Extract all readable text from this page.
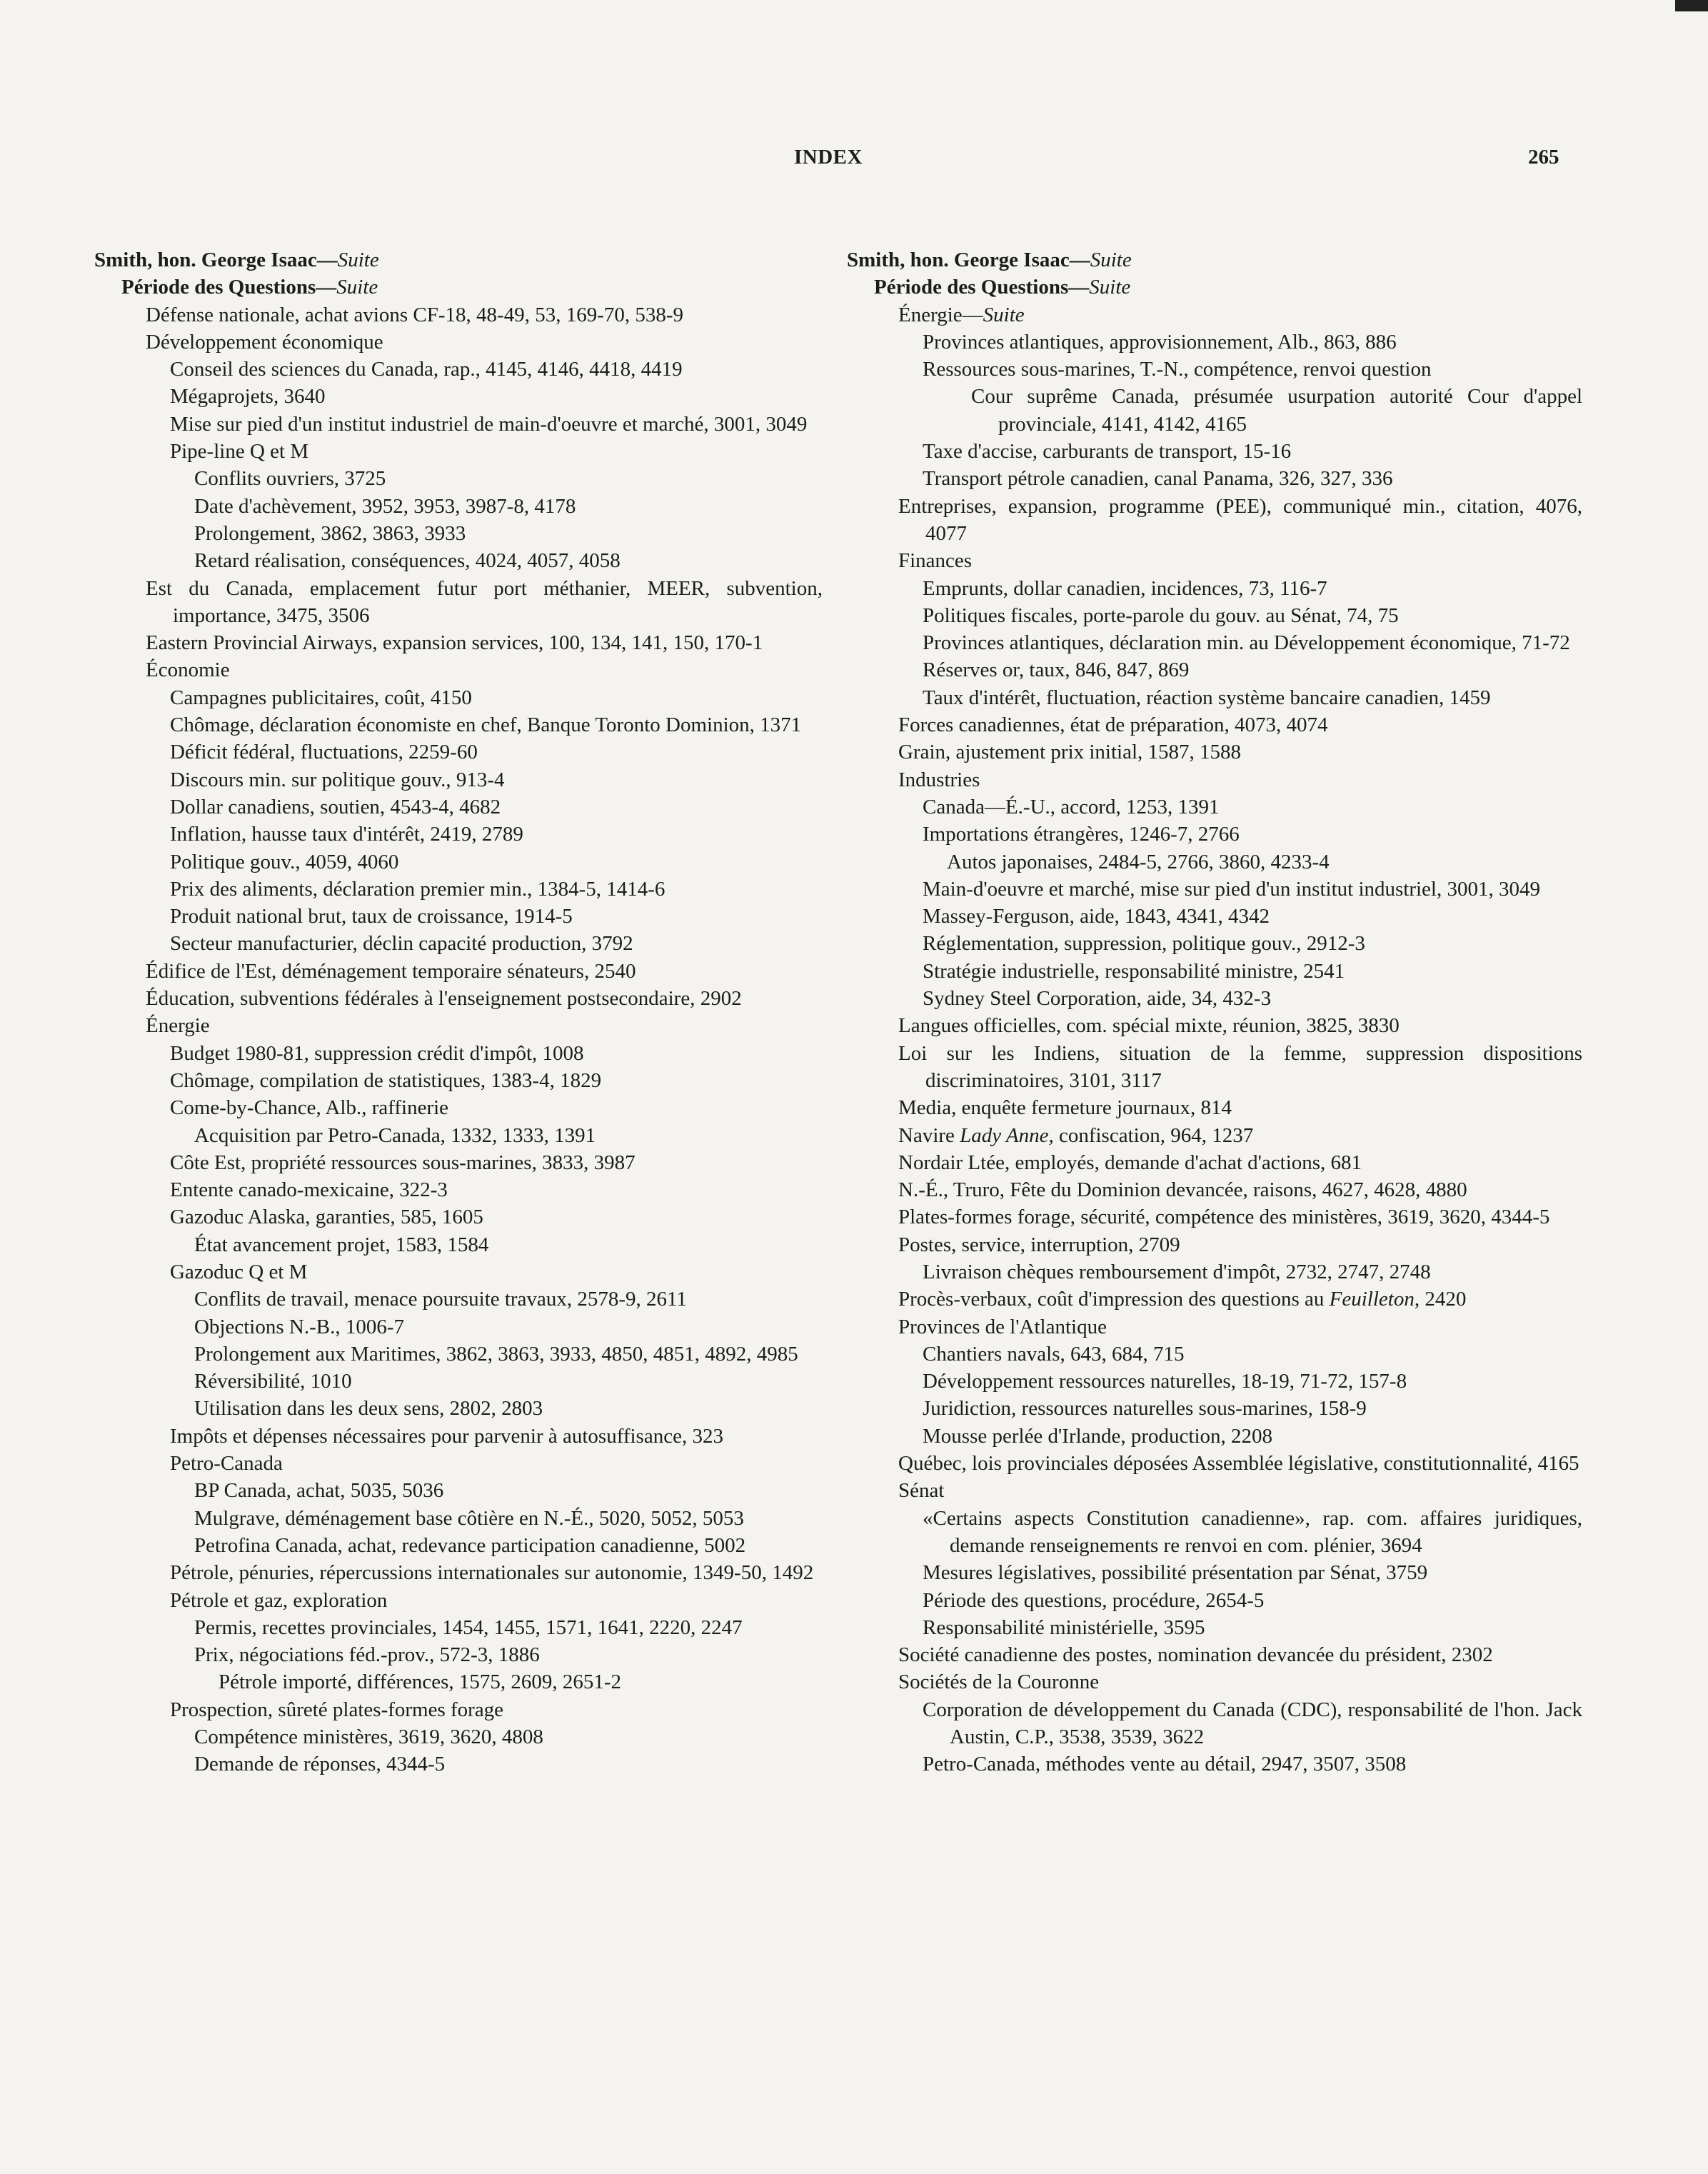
INDEX	265
Smith, hon. George Isaac—Suite
Période des Questions—Suite
Défense nationale, achat avions CF-18, 48-49, 53, 169-70, 538-9
Développement économique
Conseil des sciences du Canada, rap., 4145, 4146, 4418, 4419
Mégaprojets, 3640
Mise sur pied d'un institut industriel de main-d'oeuvre et marché, 3001, 3049
Pipe-line Q et M
Conflits ouvriers, 3725
Date d'achèvement, 3952, 3953, 3987-8, 4178
Prolongement, 3862, 3863, 3933
Retard réalisation, conséquences, 4024, 4057, 4058
Est du Canada, emplacement futur port méthanier, MEER, subvention, importance, 3475, 3506
Eastern Provincial Airways, expansion services, 100, 134, 141, 150, 170-1
Économie
Campagnes publicitaires, coût, 4150
Chômage, déclaration économiste en chef, Banque Toronto Dominion, 1371
Déficit fédéral, fluctuations, 2259-60
Discours min. sur politique gouv., 913-4
Dollar canadiens, soutien, 4543-4, 4682
Inflation, hausse taux d'intérêt, 2419, 2789
Politique gouv., 4059, 4060
Prix des aliments, déclaration premier min., 1384-5, 1414-6
Produit national brut, taux de croissance, 1914-5
Secteur manufacturier, déclin capacité production, 3792
Édifice de l'Est, déménagement temporaire sénateurs, 2540
Éducation, subventions fédérales à l'enseignement postsecondaire, 2902
Énergie
Budget 1980-81, suppression crédit d'impôt, 1008
Chômage, compilation de statistiques, 1383-4, 1829
Come-by-Chance, Alb., raffinerie
Acquisition par Petro-Canada, 1332, 1333, 1391
Côte Est, propriété ressources sous-marines, 3833, 3987
Entente canado-mexicaine, 322-3
Gazoduc Alaska, garanties, 585, 1605
État avancement projet, 1583, 1584
Gazoduc Q et M
Conflits de travail, menace poursuite travaux, 2578-9, 2611
Objections N.-B., 1006-7
Prolongement aux Maritimes, 3862, 3863, 3933, 4850, 4851, 4892, 4985
Réversibilité, 1010
Utilisation dans les deux sens, 2802, 2803
Impôts et dépenses nécessaires pour parvenir à autosuffisance, 323
Petro-Canada
BP Canada, achat, 5035, 5036
Mulgrave, déménagement base côtière en N.-É., 5020, 5052, 5053
Petrofina Canada, achat, redevance participation canadienne, 5002
Pétrole, pénuries, répercussions internationales sur autonomie, 1349-50, 1492
Pétrole et gaz, exploration
Permis, recettes provinciales, 1454, 1455, 1571, 1641, 2220, 2247
Prix, négociations féd.-prov., 572-3, 1886
Pétrole importé, différences, 1575, 2609, 2651-2
Prospection, sûreté plates-formes forage
Compétence ministères, 3619, 3620, 4808
Demande de réponses, 4344-5
Smith, hon. George Isaac—Suite
Période des Questions—Suite
Énergie—Suite
Provinces atlantiques, approvisionnement, Alb., 863, 886
Ressources sous-marines, T.-N., compétence, renvoi question
Cour suprême Canada, présumée usurpation autorité Cour d'appel provinciale, 4141, 4142, 4165
Taxe d'accise, carburants de transport, 15-16
Transport pétrole canadien, canal Panama, 326, 327, 336
Entreprises, expansion, programme (PEE), communiqué min., citation, 4076, 4077
Finances
Emprunts, dollar canadien, incidences, 73, 116-7
Politiques fiscales, porte-parole du gouv. au Sénat, 74, 75
Provinces atlantiques, déclaration min. au Développement économique, 71-72
Réserves or, taux, 846, 847, 869
Taux d'intérêt, fluctuation, réaction système bancaire canadien, 1459
Forces canadiennes, état de préparation, 4073, 4074
Grain, ajustement prix initial, 1587, 1588
Industries
Canada—É.-U., accord, 1253, 1391
Importations étrangères, 1246-7, 2766
Autos japonaises, 2484-5, 2766, 3860, 4233-4
Main-d'oeuvre et marché, mise sur pied d'un institut industriel, 3001, 3049
Massey-Ferguson, aide, 1843, 4341, 4342
Réglementation, suppression, politique gouv., 2912-3
Stratégie industrielle, responsabilité ministre, 2541
Sydney Steel Corporation, aide, 34, 432-3
Langues officielles, com. spécial mixte, réunion, 3825, 3830
Loi sur les Indiens, situation de la femme, suppression dispositions discriminatoires, 3101, 3117
Media, enquête fermeture journaux, 814
Navire Lady Anne, confiscation, 964, 1237
Nordair Ltée, employés, demande d'achat d'actions, 681
N.-É., Truro, Fête du Dominion devancée, raisons, 4627, 4628, 4880
Plates-formes forage, sécurité, compétence des ministères, 3619, 3620, 4344-5
Postes, service, interruption, 2709
Livraison chèques remboursement d'impôt, 2732, 2747, 2748
Procès-verbaux, coût d'impression des questions au Feuilleton, 2420
Provinces de l'Atlantique
Chantiers navals, 643, 684, 715
Développement ressources naturelles, 18-19, 71-72, 157-8
Juridiction, ressources naturelles sous-marines, 158-9
Mousse perlée d'Irlande, production, 2208
Québec, lois provinciales déposées Assemblée législative, constitutionnalité, 4165
Sénat
«Certains aspects Constitution canadienne», rap. com. affaires juridiques, demande renseignements re renvoi en com. plénier, 3694
Mesures législatives, possibilité présentation par Sénat, 3759
Période des questions, procédure, 2654-5
Responsabilité ministérielle, 3595
Société canadienne des postes, nomination devancée du président, 2302
Sociétés de la Couronne
Corporation de développement du Canada (CDC), responsabilité de l'hon. Jack Austin, C.P., 3538, 3539, 3622
Petro-Canada, méthodes vente au détail, 2947, 3507, 3508
